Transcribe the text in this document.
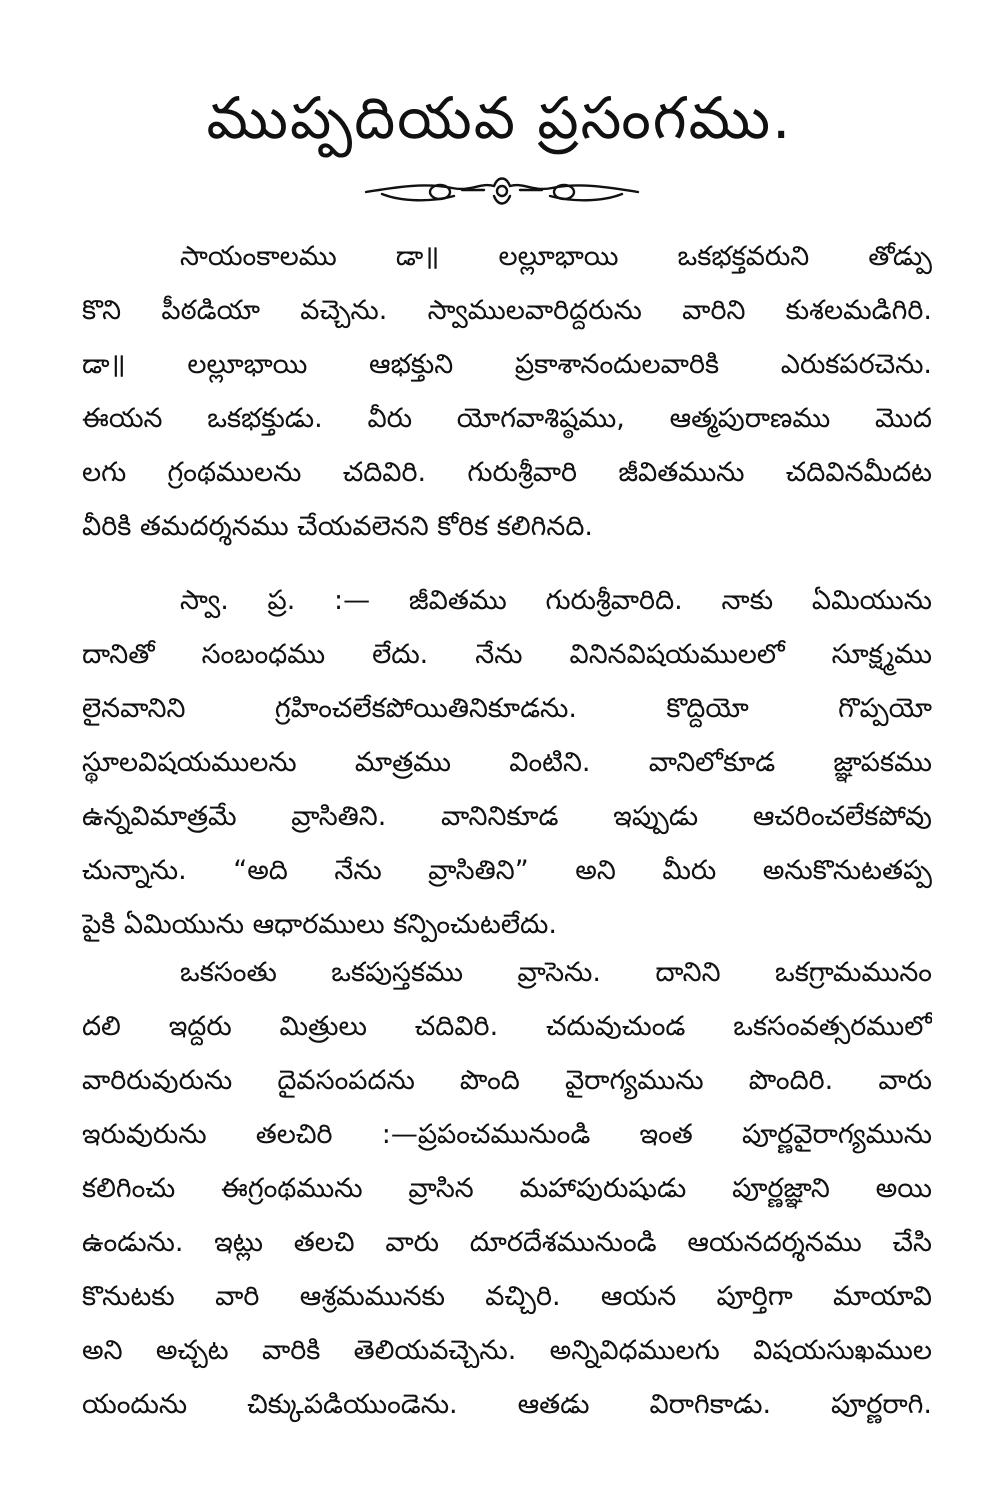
ముప్పదియవ ప్రసంగము.
సాయంకాలము డా॥ లల్లూభాయి ఒకభక్తవరుని తోడ్పు
కొని పీఠడియా వచ్చెను. స్వాములవారిద్దరును వారిని కుశలమడిగిరి.
డా॥ లల్లూభాయి ఆభక్తుని ప్రకాశానందులవారికి ఎరుకపరచెను.
ఈయన ఒకభక్తుడు. వీరు యోగవాశిష్ఠము, ఆత్మపురాణము మొద
లగు గ్రంథములను చదివిరి. గురుశ్రీవారి జీవితమును చదివినమీదట
వీరికి తమదర్శనము చేయవలెనని కోరిక కలిగినది.
స్వా. ప్ర. :— జీవితము గురుశ్రీవారిది. నాకు ఏమియును
దానితో సంబంధము లేదు. నేను వినినవిషయములలో సూక్ష్మము
లైనవానిని గ్రహించలేకపోయితినికూడను. కొద్దియో గొప్పయో
స్థూలవిషయములను మాత్రము వింటిని. వానిలోకూడ జ్ఞాపకము
ఉన్నవిమాత్రమే వ్రాసితిని. వానినికూడ ఇప్పుడు ఆచరించలేకపోవు
చున్నాను. “అది నేను వ్రాసితిని” అని మీరు అనుకొనుటతప్ప
పైకి ఏమియును ఆధారములు కన్పించుటలేదు.
ఒకసంతు ఒకపుస్తకము వ్రాసెను. దానిని ఒకగ్రామమునం
దలి ఇద్దరు మిత్రులు చదివిరి. చదువుచుండ ఒకసంవత్సరములో
వారిరువురును దైవసంపదను పొంది వైరాగ్యమును పొందిరి. వారు
ఇరువురును తలచిరి :—ప్రపంచమునుండి ఇంత పూర్ణవైరాగ్యమును
కలిగించు ఈగ్రంథమును వ్రాసిన మహాపురుషుడు పూర్ణజ్ఞాని అయి
ఉండును. ఇట్లు తలచి వారు దూరదేశమునుండి ఆయనదర్శనము చేసి
కొనుటకు వారి ఆశ్రమమునకు వచ్చిరి. ఆయన పూర్తిగా మాయావి
అని అచ్చట వారికి తెలియవచ్చెను. అన్నివిధములగు విషయసుఖముల
యందును చిక్కుపడియుండెను. ఆతడు విరాగికాడు. పూర్ణరాగి.
